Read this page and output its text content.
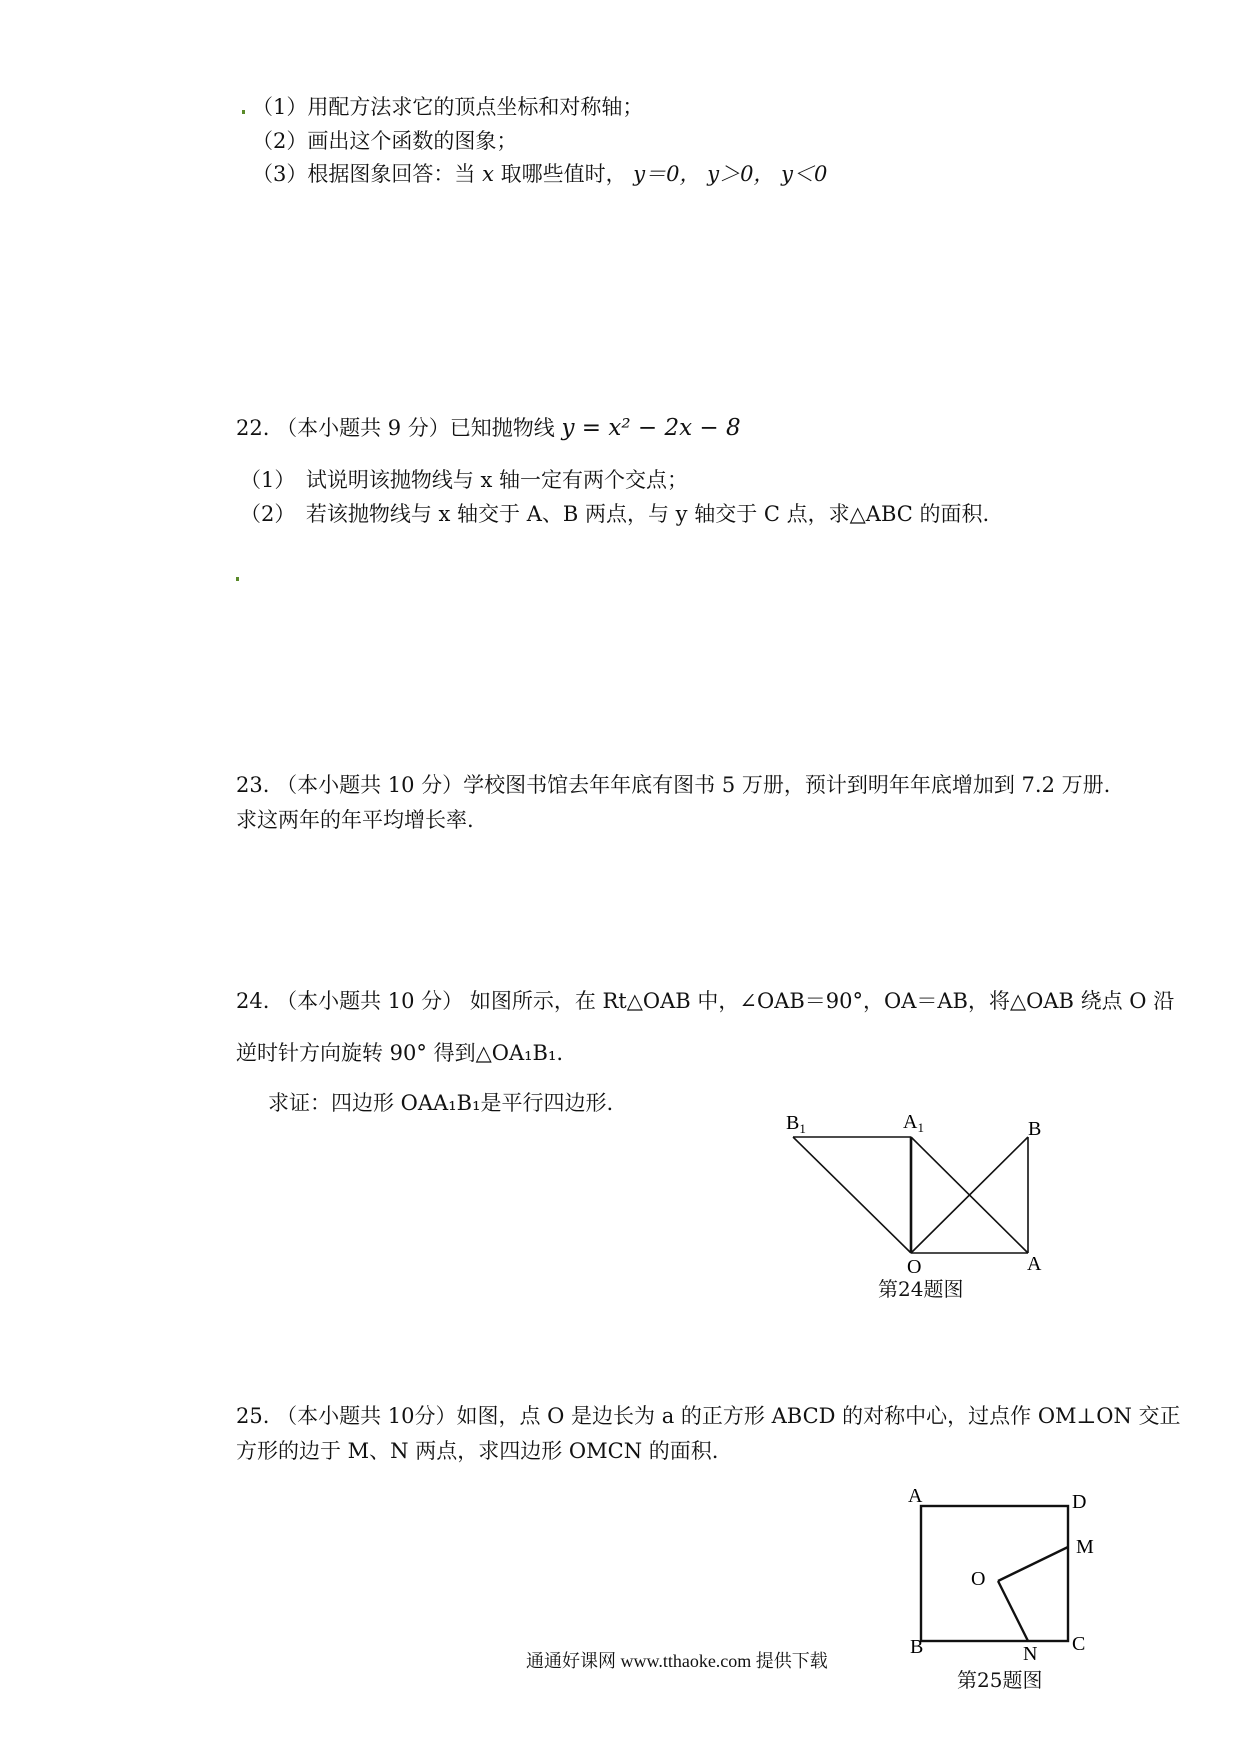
（1）用配方法求它的顶点坐标和对称轴；
（2）画出这个函数的图象；
（3）根据图象回答：当 x 取哪些值时， y＝0， y＞0， y＜0
22. （本小题共 9 分）已知抛物线 y = x² − 2x − 8
（1）　试说明该抛物线与 x 轴一定有两个交点；
（2）　若该抛物线与 x 轴交于 A、B 两点，与 y 轴交于 C 点，求△ABC 的面积.
23. （本小题共 10 分）学校图书馆去年年底有图书 5 万册，预计到明年年底增加到 7.2 万册.
求这两年的年平均增长率.
24. （本小题共 10 分） 如图所示，在 Rt△OAB 中，∠OAB＝90°，OA＝AB，将△OAB 绕点 O 沿
逆时针方向旋转 90° 得到△OA₁B₁.
求证：四边形 OAA₁B₁是平行四边形.
$B_1$	$A_1$	B
O	A
第24题图
25. （本小题共 10分）如图，点 O 是边长为 a 的正方形 ABCD 的对称中心，过点作 OM⊥ON 交正
方形的边于 M、N 两点，求四边形 OMCN 的面积.
A	D
M
O
B	N C
第25题图
通通好课网 www.tthaoke.com 提供下载
